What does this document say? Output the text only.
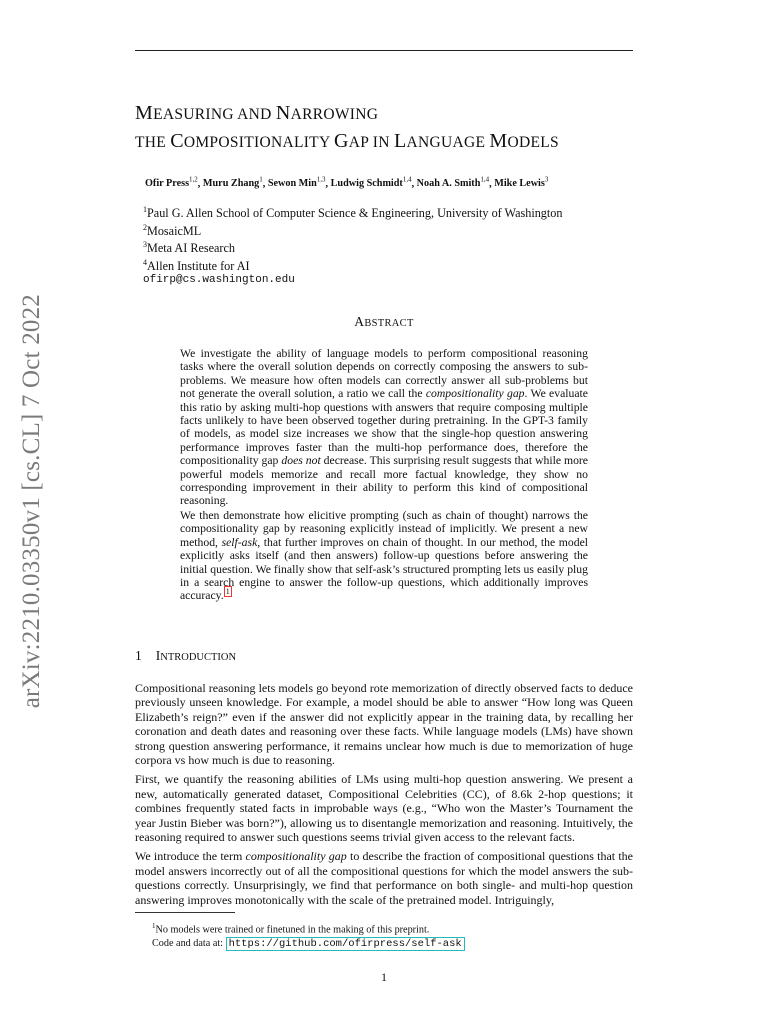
arXiv:2210.03350v1 [cs.CL] 7 Oct 2022
MEASURING AND NARROWING
THE COMPOSITIONALITY GAP IN LANGUAGE MODELS
Ofir Press$^{1,2}$, Muru Zhang$^1$, Sewon Min$^{1,3}$, Ludwig Schmidt$^{1,4}$, Noah A. Smith$^{1,4}$, Mike Lewis$^3$
$^1$Paul G. Allen School of Computer Science & Engineering, University of Washington
$^2$MosaicML
$^3$Meta AI Research
$^4$Allen Institute for AI
ofirp@cs.washington.edu
ABSTRACT

We investigate the ability of language models to perform compositional reasoning tasks where the overall solution depends on correctly composing the answers to sub-problems. We measure how often models can correctly answer all sub-problems but not generate the overall solution, a ratio we call the compositionality gap. We evaluate this ratio by asking multi-hop questions with answers that require composing multiple facts unlikely to have been observed together during pretraining. In the GPT-3 family of models, as model size increases we show that the single-hop question answering performance improves faster than the multi-hop performance does, therefore the compositionality gap does not decrease. This surprising result suggests that while more powerful models memorize and recall more factual knowledge, they show no corresponding improvement in their ability to perform this kind of compositional reasoning.

We then demonstrate how elicitive prompting (such as chain of thought) narrows the compositionality gap by reasoning explicitly instead of implicitly. We present a new method, self-ask, that further improves on chain of thought. In our method, the model explicitly asks itself (and then answers) follow-up questions before answering the initial question. We finally show that self-ask’s structured prompting lets us easily plug in a search engine to answer the follow-up questions, which additionally improves accuracy. $^1$

1 INTRODUCTION

Compositional reasoning lets models go beyond rote memorization of directly observed facts to deduce previously unseen knowledge. For example, a model should be able to answer “How long was Queen Elizabeth’s reign?” even if the answer did not explicitly appear in the training data, by recalling her coronation and death dates and reasoning over these facts. While language models (LMs) have shown strong question answering performance, it remains unclear how much is due to memorization of huge corpora vs how much is due to reasoning.

First, we quantify the reasoning abilities of LMs using multi-hop question answering. We present a new, automatically generated dataset, Compositional Celebrities (CC), of 8.6k 2-hop questions; it combines frequently stated facts in improbable ways (e.g., “Who won the Master’s Tournament the year Justin Bieber was born?”), allowing us to disentangle memorization and reasoning. Intuitively, the reasoning required to answer such questions seems trivial given access to the relevant facts.

We introduce the term compositionality gap to describe the fraction of compositional questions that the model answers incorrectly out of all the compositional questions for which the model answers the sub-questions correctly. Unsurprisingly, we find that performance on both single- and multi-hop question answering improves monotonically with the scale of the pretrained model. Intriguingly,

$^1$No models were trained or finetuned in the making of this preprint.
Code and data at: https://github.com/ofirpress/self-ask
1
